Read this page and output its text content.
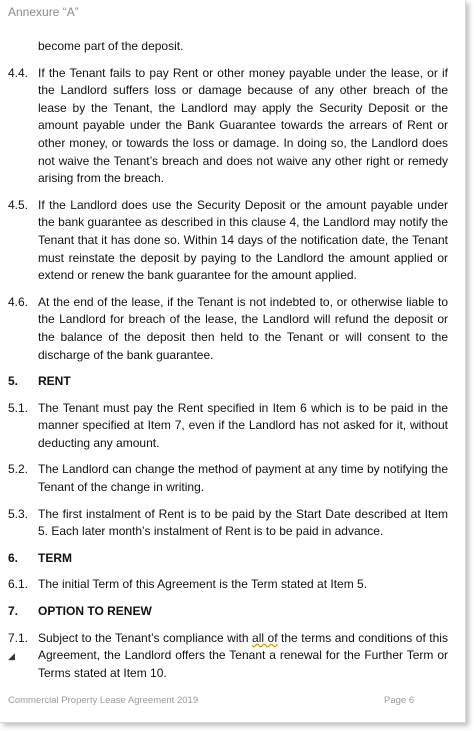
Annexure “A”
become part of the deposit.
4.4. If the Tenant fails to pay Rent or other money payable under the lease, or if the Landlord suffers loss or damage because of any other breach of the lease by the Tenant, the Landlord may apply the Security Deposit or the amount payable under the Bank Guarantee towards the arrears of Rent or other money, or towards the loss or damage. In doing so, the Landlord does not waive the Tenant’s breach and does not waive any other right or remedy arising from the breach.
4.5. If the Landlord does use the Security Deposit or the amount payable under the bank guarantee as described in this clause 4, the Landlord may notify the Tenant that it has done so. Within 14 days of the notification date, the Tenant must reinstate the deposit by paying to the Landlord the amount applied or extend or renew the bank guarantee for the amount applied.
4.6. At the end of the lease, if the Tenant is not indebted to, or otherwise liable to the Landlord for breach of the lease, the Landlord will refund the deposit or the balance of the deposit then held to the Tenant or will consent to the discharge of the bank guarantee.
5.	RENT
5.1. The Tenant must pay the Rent specified in Item 6 which is to be paid in the manner specified at Item 7, even if the Landlord has not asked for it, without deducting any amount.
5.2. The Landlord can change the method of payment at any time by notifying the Tenant of the change in writing.
5.3. The first instalment of Rent is to be paid by the Start Date described at Item 5. Each later month’s instalment of Rent is to be paid in advance.
6.	TERM
6.1. The initial Term of this Agreement is the Term stated at Item 5.
7.	OPTION TO RENEW
7.1.
◢
Subject to the Tenant’s compliance with all of the terms and conditions of this Agreement, the Landlord offers the Tenant a renewal for the Further Term or Terms stated at Item 10.
Commercial Property Lease Agreement 2019	Page 6
